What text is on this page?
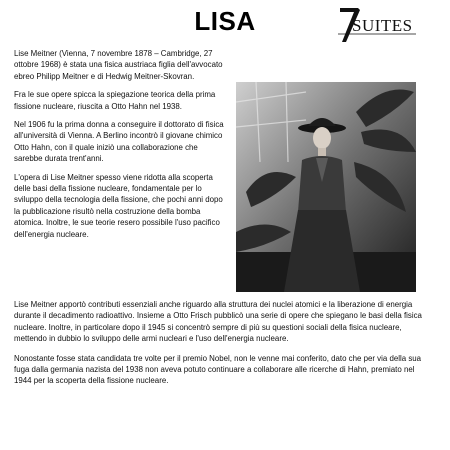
LISA	SUITES

Lise Meitner (Vienna, 7 novembre 1878 – Cambridge, 27 ottobre 1968) è stata una fisica austriaca figlia dell'avvocato ebreo Philipp Meitner e di Hedwig Meitner-Skovran.

Fra le sue opere spicca la spiegazione teorica della prima fissione nucleare, riuscita a Otto Hahn nel 1938.

Nel 1906 fu la prima donna a conseguire il dottorato di fisica all'università di Vienna. A Berlino incontrò il giovane chimico Otto Hahn, con il quale iniziò una collaborazione che sarebbe durata trent'anni.

L'opera di Lise Meitner spesso viene ridotta alla scoperta delle basi della fissione nucleare, fondamentale per lo sviluppo della tecnologia della fissione, che pochi anni dopo la pubblicazione risultò nella costruzione della bomba atomica. Inoltre, le sue teorie resero possibile l'uso pacifico dell'energia nucleare.

Lise Meitner apportò contributi essenziali anche riguardo alla struttura dei nuclei atomici e la liberazione di energia durante il decadimento radioattivo. Insieme a Otto Frisch pubblicò una serie di opere che spiegano le basi della fisica nucleare. Inoltre, in particolare dopo il 1945 si concentrò sempre di più su questioni sociali della fisica nucleare, mettendo in dubbio lo sviluppo delle armi nucleari e l'uso dell'energia nucleare.

Nonostante fosse stata candidata tre volte per il premio Nobel, non le venne mai conferito, dato che per via della sua fuga dalla germania nazista del 1938 non aveva potuto continuare a collaborare alle ricerche di Hahn, premiato nel 1944 per la scoperta della fissione nucleare.
